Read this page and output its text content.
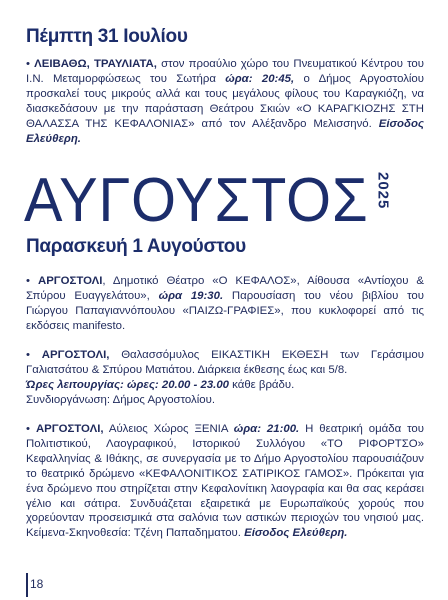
Πέμπτη 31 Ιουλίου

• ΛΕΙΒΑΘΩ, ΤΡΑΥΛΙΑΤΑ, στον προαύλιο χώρο του Πνευματικού Κέντρου του Ι.Ν. Μεταμορφώσεως του Σωτήρα ώρα: 20:45, ο Δήμος Αργοστολίου προσκαλεί τους μικρούς αλλά και τους μεγάλους φίλους του Καραγκιόζη, να διασκεδάσουν με την παράσταση Θεάτρου Σκιών «Ο ΚΑΡΑΓΚΙΟΖΗΣ ΣΤΗ ΘΑΛΑΣΣΑ ΤΗΣ ΚΕΦΑΛΟΝΙΑΣ» από τον Αλέξανδρο Μελισσηνό. Είσοδος Ελεύθερη.

ΑΥΓΟΥΣΤΟΣ 2025
Παρασκευή 1 Αυγούστου

• ΑΡΓΟΣΤΟΛΙ, Δημοτικό Θέατρο «Ο ΚΕΦΑΛΟΣ», Αίθουσα «Αντίοχου & Σπύρου Ευαγγελάτου», ώρα 19:30. Παρουσίαση του νέου βιβλίου του Γιώργου Παπαγιαννόπουλου «ΠΑΙΖΩ-ΓΡΑΦΙΕΣ», που κυκλοφορεί από τις εκδόσεις manifesto.

• ΑΡΓΟΣΤΟΛΙ, Θαλασσόμυλος ΕΙΚΑΣΤΙΚΗ ΕΚΘΕΣΗ των Γεράσιμου Γαλιατσάτου & Σπύρου Ματιάτου. Διάρκεια έκθεσης έως και 5/8.
Ώρες λειτουργίας: ώρες: 20.00 - 23.00 κάθε βράδυ.
Συνδιοργάνωση: Δήμος Αργοστολίου.

• ΑΡΓΟΣΤΟΛΙ, Αύλειος Χώρος ΞΕΝΙΑ ώρα: 21:00. Η θεατρική ομάδα του Πολιτιστικού, Λαογραφικού, Ιστορικού Συλλόγου «ΤΟ ΡΙΦΟΡΤΣΟ» Κεφαλληνίας & Ιθάκης, σε συνεργασία με το Δήμο Αργοστολίου παρουσιάζουν το θεατρικό δρώμενο «ΚΕΦΑΛΟΝΙΤΙΚΟΣ ΣΑΤΙΡΙΚΟΣ ΓΑΜΟΣ». Πρόκειται για ένα δρώμενο που στηρίζεται στην Κεφαλονίτικη λαογραφία και θα σας κεράσει γέλιο και σάτιρα. Συνδυάζεται εξαιρετικά με Ευρωπαϊκούς χορούς που χορεύονταν προσεισμικά στα σαλόνια των αστικών περιοχών του νησιού μας. Κείμενα-Σκηνοθεσία: Τζένη Παπαδηματου. Είσοδος Ελεύθερη.

18
